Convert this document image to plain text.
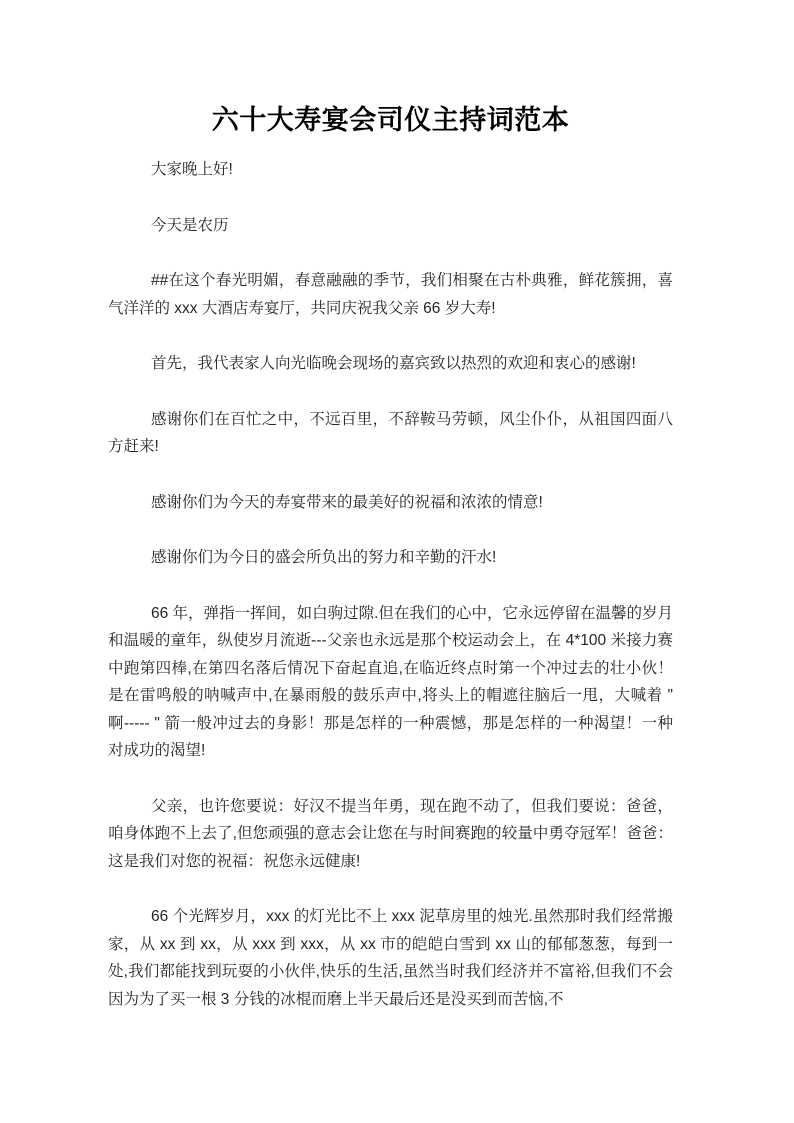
六十大寿宴会司仪主持词范本

大家晚上好!

今天是农历

##在这个春光明媚，春意融融的季节，我们相聚在古朴典雅，鲜花簇拥，喜气洋洋的 xxx 大酒店寿宴厅，共同庆祝我父亲 66 岁大寿!

首先，我代表家人向光临晚会现场的嘉宾致以热烈的欢迎和衷心的感谢!

感谢你们在百忙之中，不远百里，不辞鞍马劳顿，风尘仆仆，从祖国四面八方赶来!

感谢你们为今天的寿宴带来的最美好的祝福和浓浓的情意!

感谢你们为今日的盛会所负出的努力和辛勤的汗水!

66 年，弹指一挥间，如白驹过隙.但在我们的心中，它永远停留在温馨的岁月和温暖的童年，纵使岁月流逝---父亲也永远是那个校运动会上，在 4*100 米接力赛中跑第四棒,在第四名落后情况下奋起直追,在临近终点时第一个冲过去的壮小伙！是在雷鸣般的呐喊声中,在暴雨般的鼓乐声中,将头上的帽遮往脑后一甩，大喊着 " 啊----- " 箭一般冲过去的身影！那是怎样的一种震憾，那是怎样的一种渴望！一种对成功的渴望!

父亲，也许您要说：好汉不提当年勇，现在跑不动了，但我们要说：爸爸，咱身体跑不上去了,但您顽强的意志会让您在与时间赛跑的较量中勇夺冠军！爸爸：这是我们对您的祝福：祝您永远健康!

66 个光辉岁月，xxx 的灯光比不上 xxx 泥草房里的烛光.虽然那时我们经常搬家，从 xx 到 xx，从 xxx 到 xxx，从 xx 市的皑皑白雪到 xx 山的郁郁葱葱，每到一处,我们都能找到玩耍的小伙伴,快乐的生活,虽然当时我们经济并不富裕,但我们不会因为为了买一根 3 分钱的冰棍而磨上半天最后还是没买到而苦恼,不
